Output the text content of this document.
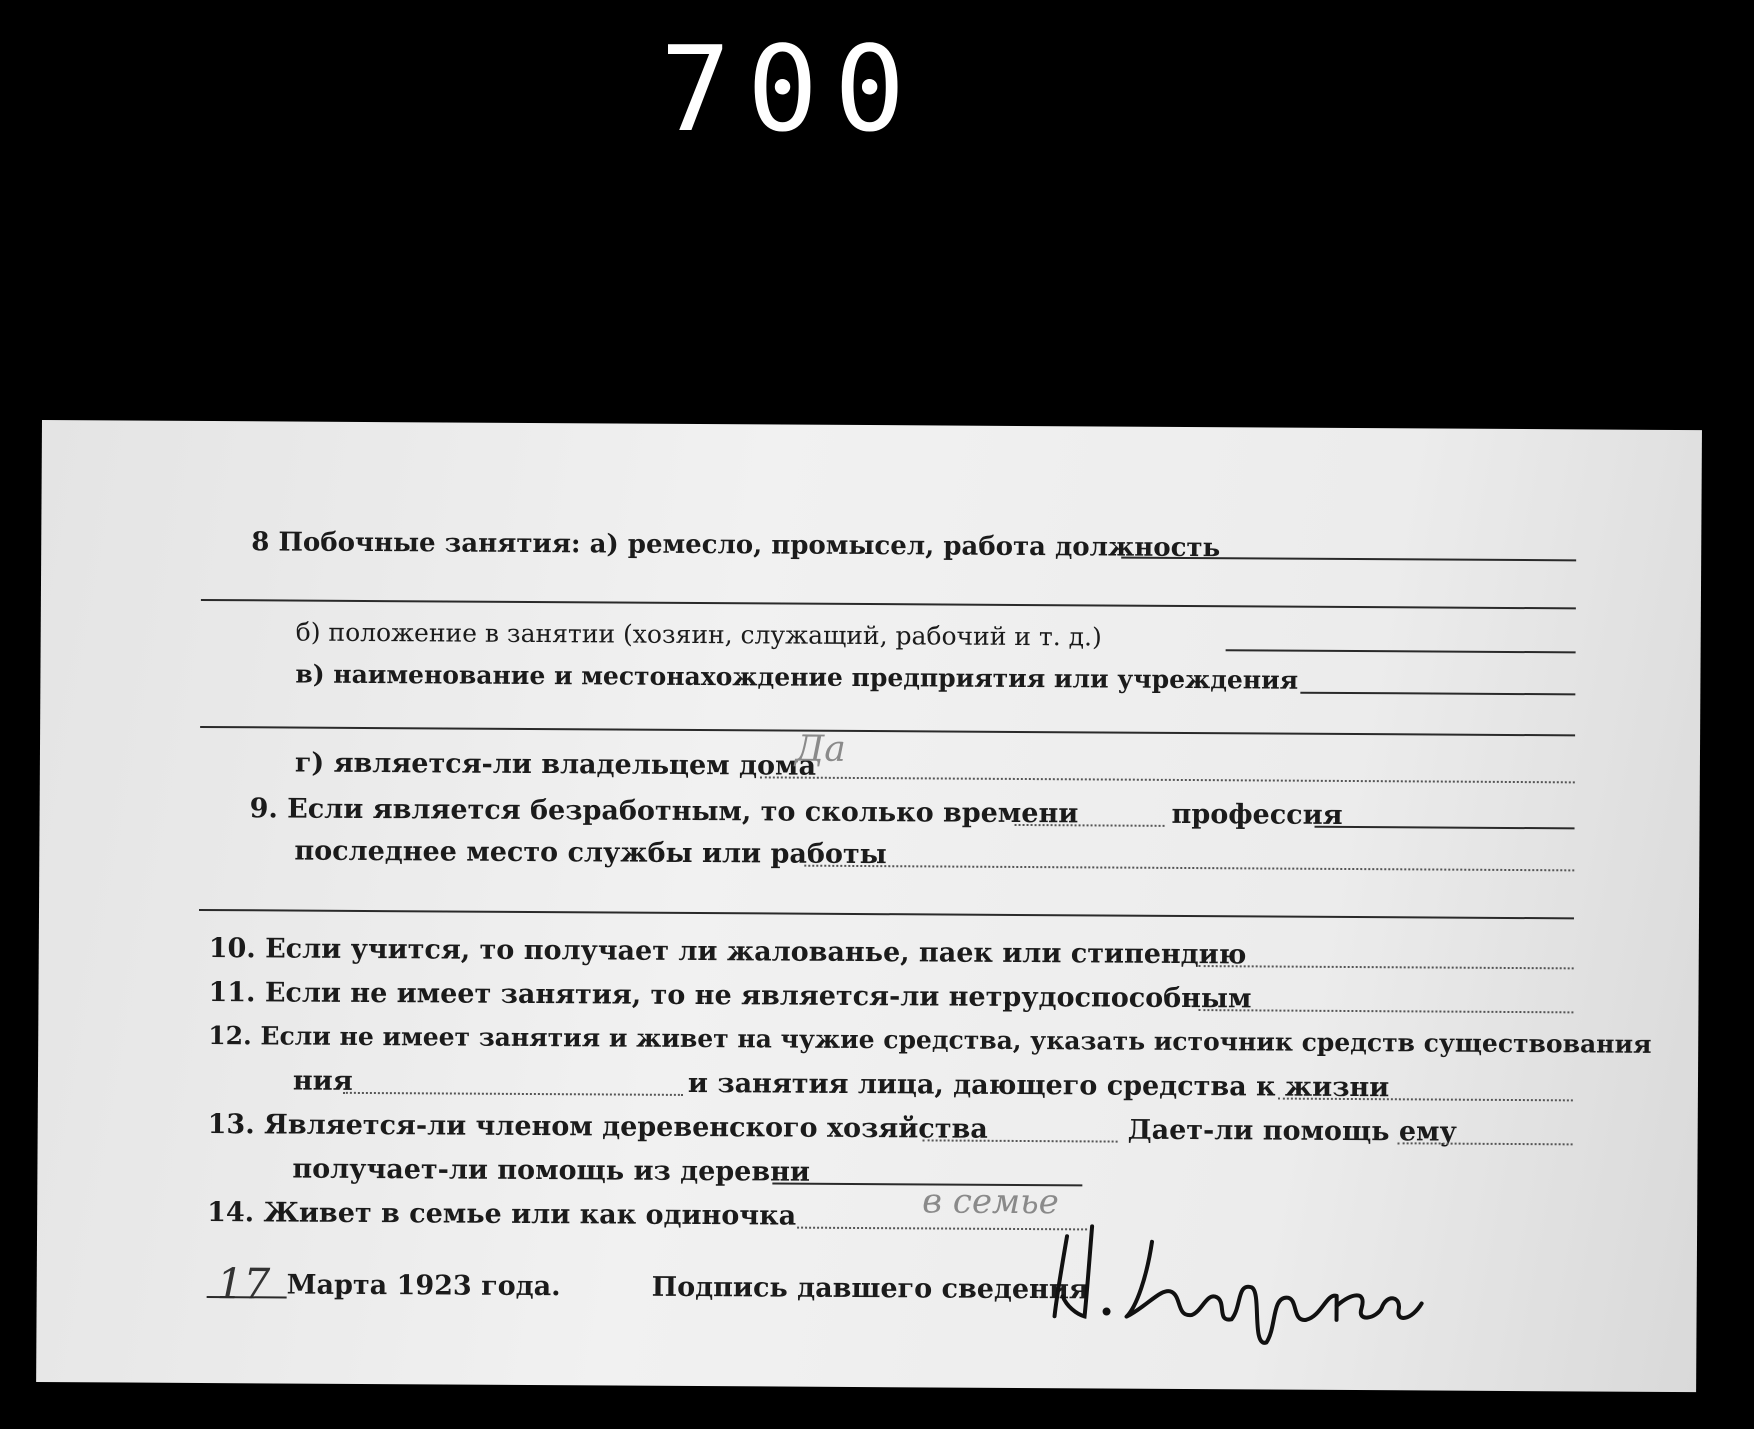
700
8 Побочные занятия: а) ремесло, промысел, работа должность
б) положение в занятии (хозяин, служащий, рабочий и т. д.)
в) наименование и местонахождение предприятия или учреждения
г) является-ли владельцем дома
Да
9. Если является безработным, то сколько времени	профессия
последнее место службы или работы
10. Если учится, то получает ли жалованье, паек или стипендию
11. Если не имеет занятия, то не является-ли нетрудоспособным
12. Если не имеет занятия и живет на чужие средства, указать источник средств существования
ния	и занятия лица, дающего средства к жизни
13. Является-ли членом деревенского хозяйства	Дает-ли помощь ему
получает-ли помощь из деревни
14. Живет в семье или как одиночка	в семье
17 Марта 1923 года.	Подпись давшего сведения
